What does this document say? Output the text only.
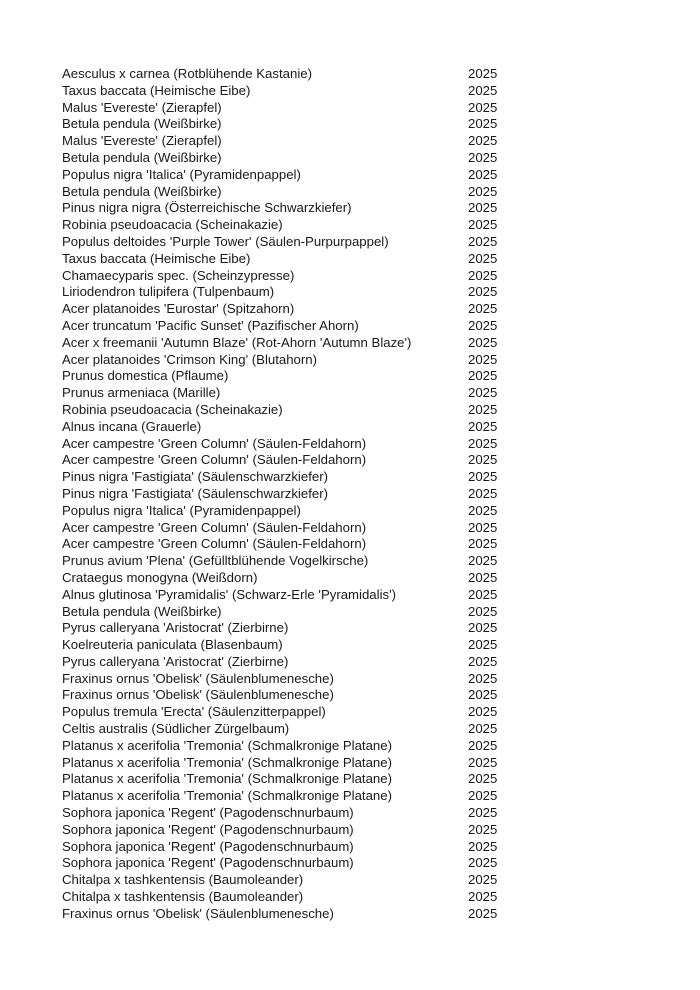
Aesculus x carnea (Rotblühende Kastanie)	2025
Taxus baccata (Heimische Eibe)	2025
Malus 'Evereste' (Zierapfel)	2025
Betula pendula (Weißbirke)	2025
Malus 'Evereste' (Zierapfel)	2025
Betula pendula (Weißbirke)	2025
Populus nigra 'Italica' (Pyramidenpappel)	2025
Betula pendula (Weißbirke)	2025
Pinus nigra nigra (Österreichische Schwarzkiefer)	2025
Robinia pseudoacacia (Scheinakazie)	2025
Populus deltoides 'Purple Tower' (Säulen-Purpurpappel)	2025
Taxus baccata (Heimische Eibe)	2025
Chamaecyparis spec. (Scheinzypresse)	2025
Liriodendron tulipifera (Tulpenbaum)	2025
Acer platanoides 'Eurostar' (Spitzahorn)	2025
Acer truncatum 'Pacific Sunset' (Pazifischer Ahorn)	2025
Acer x freemanii 'Autumn Blaze' (Rot-Ahorn 'Autumn Blaze')	2025
Acer platanoides 'Crimson King' (Blutahorn)	2025
Prunus domestica (Pflaume)	2025
Prunus armeniaca (Marille)	2025
Robinia pseudoacacia (Scheinakazie)	2025
Alnus incana (Grauerle)	2025
Acer campestre 'Green Column' (Säulen-Feldahorn)	2025
Acer campestre 'Green Column' (Säulen-Feldahorn)	2025
Pinus nigra 'Fastigiata' (Säulenschwarzkiefer)	2025
Pinus nigra 'Fastigiata' (Säulenschwarzkiefer)	2025
Populus nigra 'Italica' (Pyramidenpappel)	2025
Acer campestre 'Green Column' (Säulen-Feldahorn)	2025
Acer campestre 'Green Column' (Säulen-Feldahorn)	2025
Prunus avium 'Plena' (Gefülltblühende Vogelkirsche)	2025
Crataegus monogyna (Weißdorn)	2025
Alnus glutinosa 'Pyramidalis' (Schwarz-Erle 'Pyramidalis')	2025
Betula pendula (Weißbirke)	2025
Pyrus calleryana 'Aristocrat' (Zierbirne)	2025
Koelreuteria paniculata (Blasenbaum)	2025
Pyrus calleryana 'Aristocrat' (Zierbirne)	2025
Fraxinus ornus 'Obelisk' (Säulenblumenesche)	2025
Fraxinus ornus 'Obelisk' (Säulenblumenesche)	2025
Populus tremula 'Erecta' (Säulenzitterpappel)	2025
Celtis australis (Südlicher Zürgelbaum)	2025
Platanus x acerifolia 'Tremonia' (Schmalkronige Platane)	2025
Platanus x acerifolia 'Tremonia' (Schmalkronige Platane)	2025
Platanus x acerifolia 'Tremonia' (Schmalkronige Platane)	2025
Platanus x acerifolia 'Tremonia' (Schmalkronige Platane)	2025
Sophora japonica 'Regent' (Pagodenschnurbaum)	2025
Sophora japonica 'Regent' (Pagodenschnurbaum)	2025
Sophora japonica 'Regent' (Pagodenschnurbaum)	2025
Sophora japonica 'Regent' (Pagodenschnurbaum)	2025
Chitalpa x tashkentensis (Baumoleander)	2025
Chitalpa x tashkentensis (Baumoleander)	2025
Fraxinus ornus 'Obelisk' (Säulenblumenesche)	2025
